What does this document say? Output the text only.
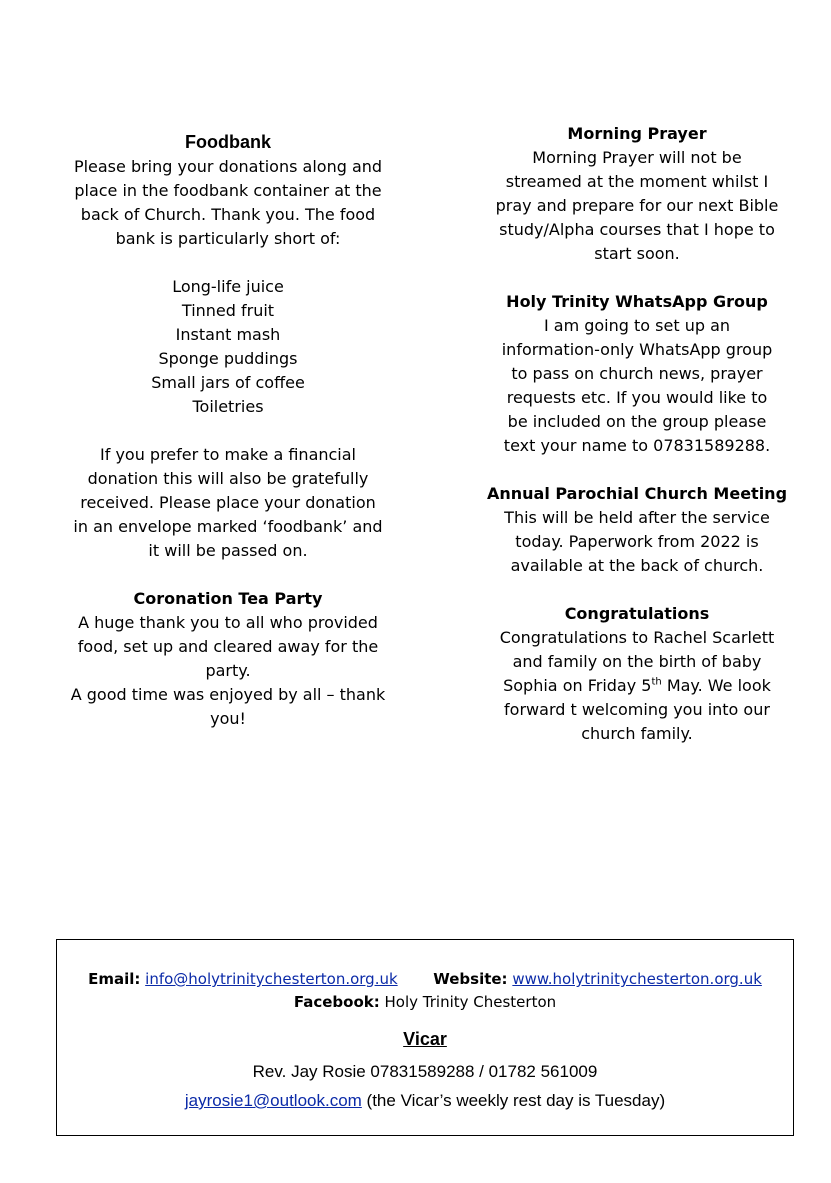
Foodbank

Please bring your donations along and
place in the foodbank container at the
back of Church. Thank you. The food
bank is particularly short of:

Long-life juice
Tinned fruit
Instant mash
Sponge puddings
Small jars of coffee
Toiletries

If you prefer to make a financial
donation this will also be gratefully
received. Please place your donation
in an envelope marked ‘foodbank’ and
it will be passed on.

Coronation Tea Party

A huge thank you to all who provided
food, set up and cleared away for the
party.
A good time was enjoyed by all – thank
you!

Morning Prayer

Morning Prayer will not be
streamed at the moment whilst I
pray and prepare for our next Bible
study/Alpha courses that I hope to
start soon.

Holy Trinity WhatsApp Group

I am going to set up an
information-only WhatsApp group
to pass on church news, prayer
requests etc. If you would like to
be included on the group please
text your name to 07831589288.

Annual Parochial Church Meeting

This will be held after the service
today. Paperwork from 2022 is
available at the back of church.

Congratulations

Congratulations to Rachel Scarlett
and family on the birth of baby
Sophia on Friday 5th May. We look
forward t welcoming you into our
church family.

Email: info@holytrinitychesterton.org.uk Website: www.holytrinitychesterton.org.uk
Facebook: Holy Trinity Chesterton
Vicar
Rev. Jay Rosie 07831589288 / 01782 561009
jayrosie1@outlook.com (the Vicar’s weekly rest day is Tuesday)
